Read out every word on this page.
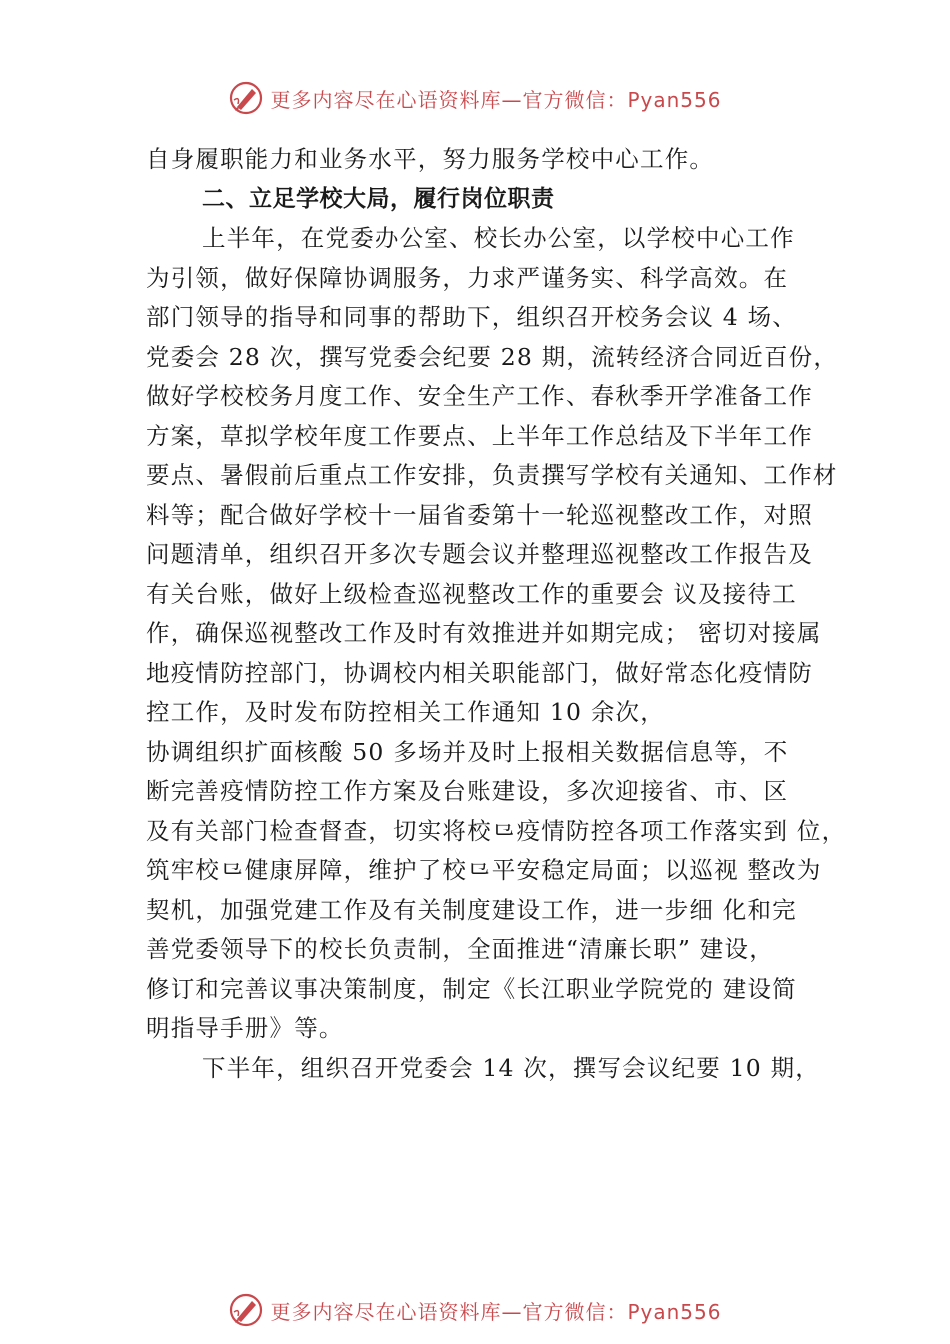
更多内容尽在心语资料库—官方微信：Pyan556
自身履职能力和业务水平，努力服务学校中心工作。
二、立足学校大局，履行岗位职责
上半年，在党委办公室、校长办公室，以学校中心工作
为引领，做好保障协调服务，力求严谨务实、科学高效。在
部门领导的指导和同事的帮助下，组织召开校务会议 4 场、
党委会 28 次，撰写党委会纪要 28 期，流转经济合同近百份，
做好学校校务月度工作、安全生产工作、春秋季开学准备工作
方案，草拟学校年度工作要点、上半年工作总结及下半年工作
要点、暑假前后重点工作安排，负责撰写学校有关通知、工作材
料等；配合做好学校十一届省委第十一轮巡视整改工作，对照
问题清单，组织召开多次专题会议并整理巡视整改工作报告及
有关台账，做好上级检查巡视整改工作的重要会 议及接待工
作，确保巡视整改工作及时有效推进并如期完成； 密切对接属
地疫情防控部门，协调校内相关职能部门，做好常态化疫情防
控工作，及时发布防控相关工作通知 10 余次，
协调组织扩面核酸 50 多场并及时上报相关数据信息等，不
断完善疫情防控工作方案及台账建设，多次迎接省、市、区
及有关部门检查督查，切实将校⺋疫情防控各项工作落实到 位，
筑牢校⺋健康屏障，维护了校⺋平安稳定局面；以巡视 整改为
契机，加强党建工作及有关制度建设工作，进一步细 化和完
善党委领导下的校长负责制，全面推进“清廉长职” 建设，
修订和完善议事决策制度，制定《长江职业学院党的 建设简
明指导手册》等。
下半年，组织召开党委会 14 次，撰写会议纪要 10 期，
更多内容尽在心语资料库—官方微信：Pyan556
